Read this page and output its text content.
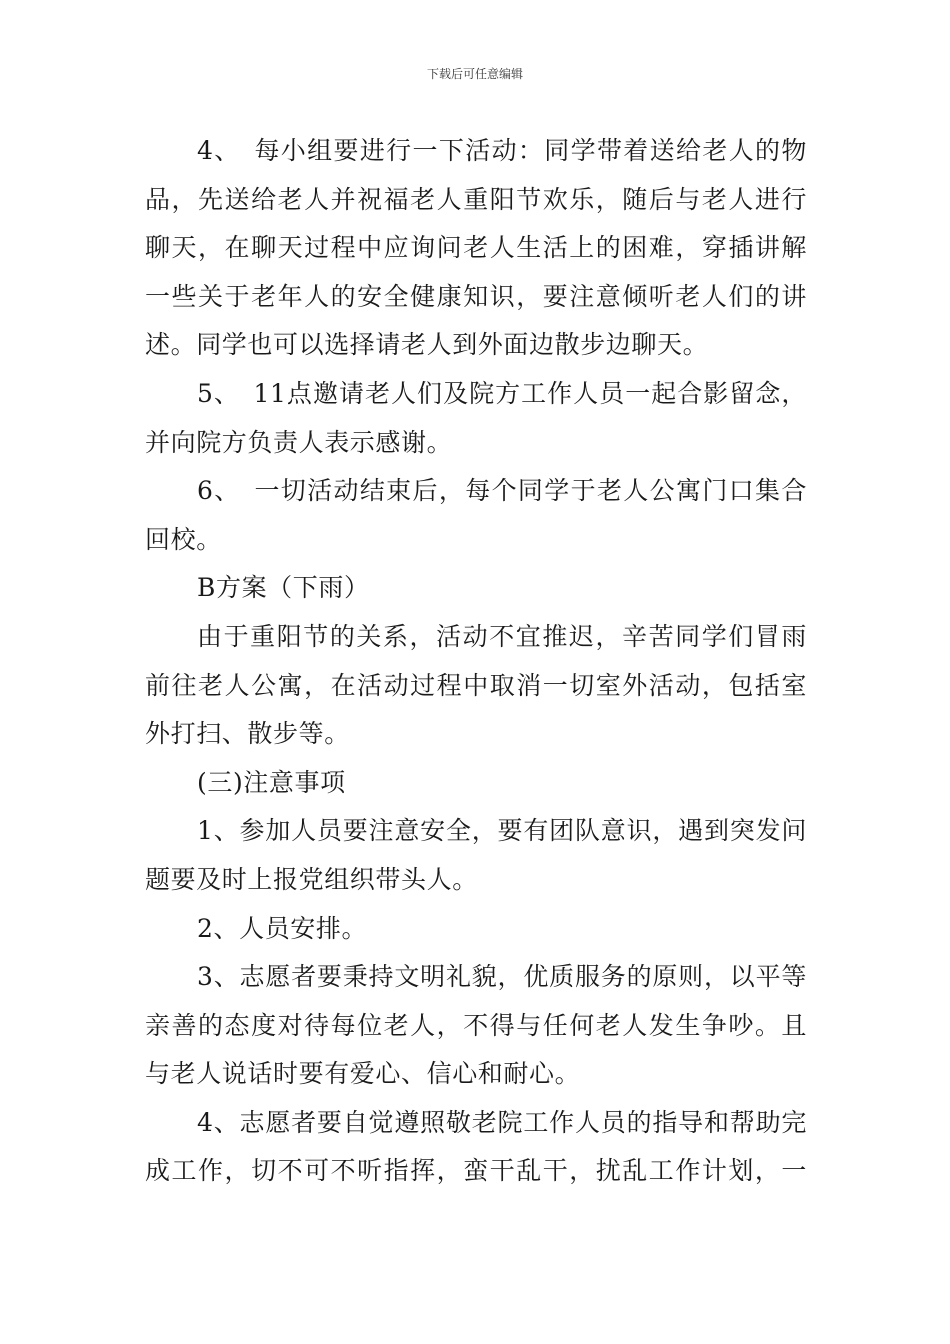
下载后可任意编辑
4、　每小组要进行一下活动：同学带着送给老人的物
品，先送给老人并祝福老人重阳节欢乐，随后与老人进行
聊天，在聊天过程中应询问老人生活上的困难，穿插讲解
一些关于老年人的安全健康知识，要注意倾听老人们的讲
述。同学也可以选择请老人到外面边散步边聊天。
5、　11点邀请老人们及院方工作人员一起合影留念，
并向院方负责人表示感谢。
6、　一切活动结束后，每个同学于老人公寓门口集合
回校。
B方案（下雨）
由于重阳节的关系，活动不宜推迟，辛苦同学们冒雨
前往老人公寓，在活动过程中取消一切室外活动，包括室
外打扫、散步等。
(三)注意事项
1、参加人员要注意安全，要有团队意识，遇到突发问
题要及时上报党组织带头人。
2、人员安排。
3、志愿者要秉持文明礼貌，优质服务的原则，以平等
亲善的态度对待每位老人，不得与任何老人发生争吵。且
与老人说话时要有爱心、信心和耐心。
4、志愿者要自觉遵照敬老院工作人员的指导和帮助完
成工作，切不可不听指挥，蛮干乱干，扰乱工作计划，一
